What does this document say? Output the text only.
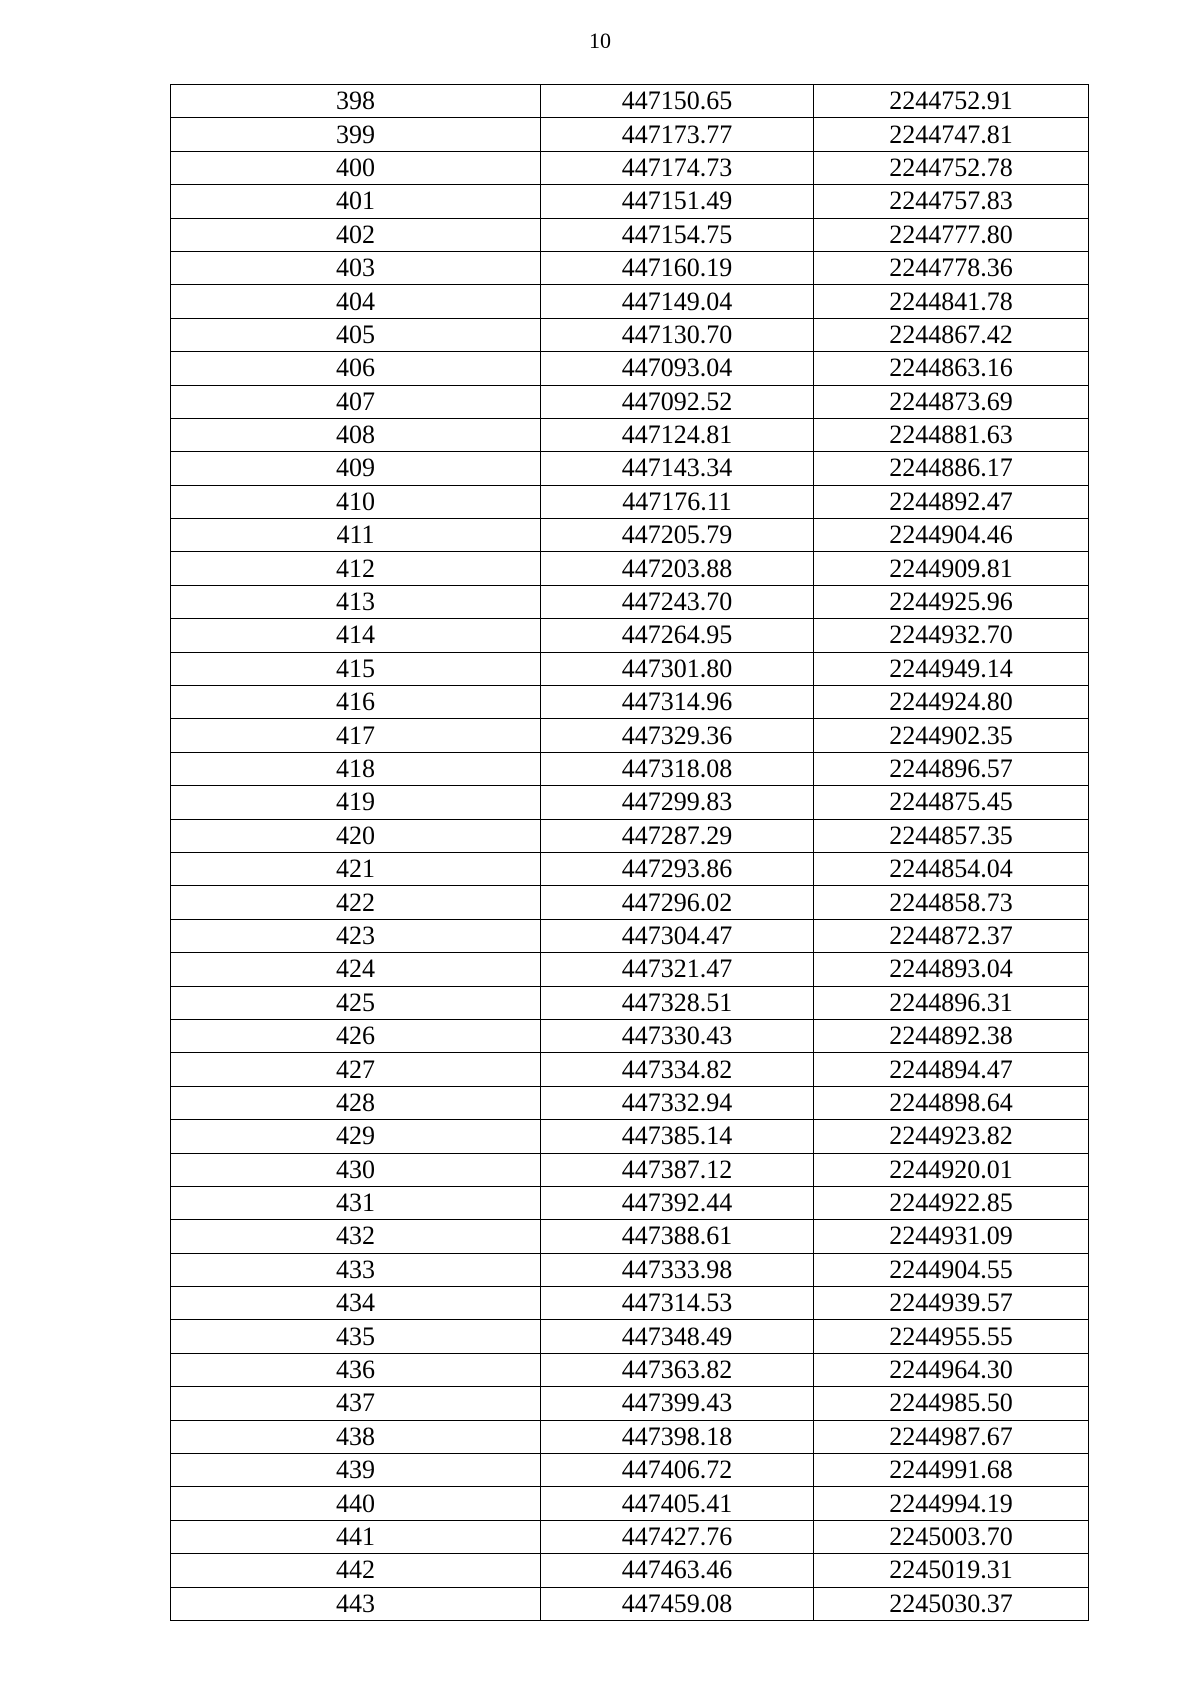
10
398	447150.65	2244752.91
399	447173.77	2244747.81
400	447174.73	2244752.78
401	447151.49	2244757.83
402	447154.75	2244777.80
403	447160.19	2244778.36
404	447149.04	2244841.78
405	447130.70	2244867.42
406	447093.04	2244863.16
407	447092.52	2244873.69
408	447124.81	2244881.63
409	447143.34	2244886.17
410	447176.11	2244892.47
411	447205.79	2244904.46
412	447203.88	2244909.81
413	447243.70	2244925.96
414	447264.95	2244932.70
415	447301.80	2244949.14
416	447314.96	2244924.80
417	447329.36	2244902.35
418	447318.08	2244896.57
419	447299.83	2244875.45
420	447287.29	2244857.35
421	447293.86	2244854.04
422	447296.02	2244858.73
423	447304.47	2244872.37
424	447321.47	2244893.04
425	447328.51	2244896.31
426	447330.43	2244892.38
427	447334.82	2244894.47
428	447332.94	2244898.64
429	447385.14	2244923.82
430	447387.12	2244920.01
431	447392.44	2244922.85
432	447388.61	2244931.09
433	447333.98	2244904.55
434	447314.53	2244939.57
435	447348.49	2244955.55
436	447363.82	2244964.30
437	447399.43	2244985.50
438	447398.18	2244987.67
439	447406.72	2244991.68
440	447405.41	2244994.19
441	447427.76	2245003.70
442	447463.46	2245019.31
443	447459.08	2245030.37
